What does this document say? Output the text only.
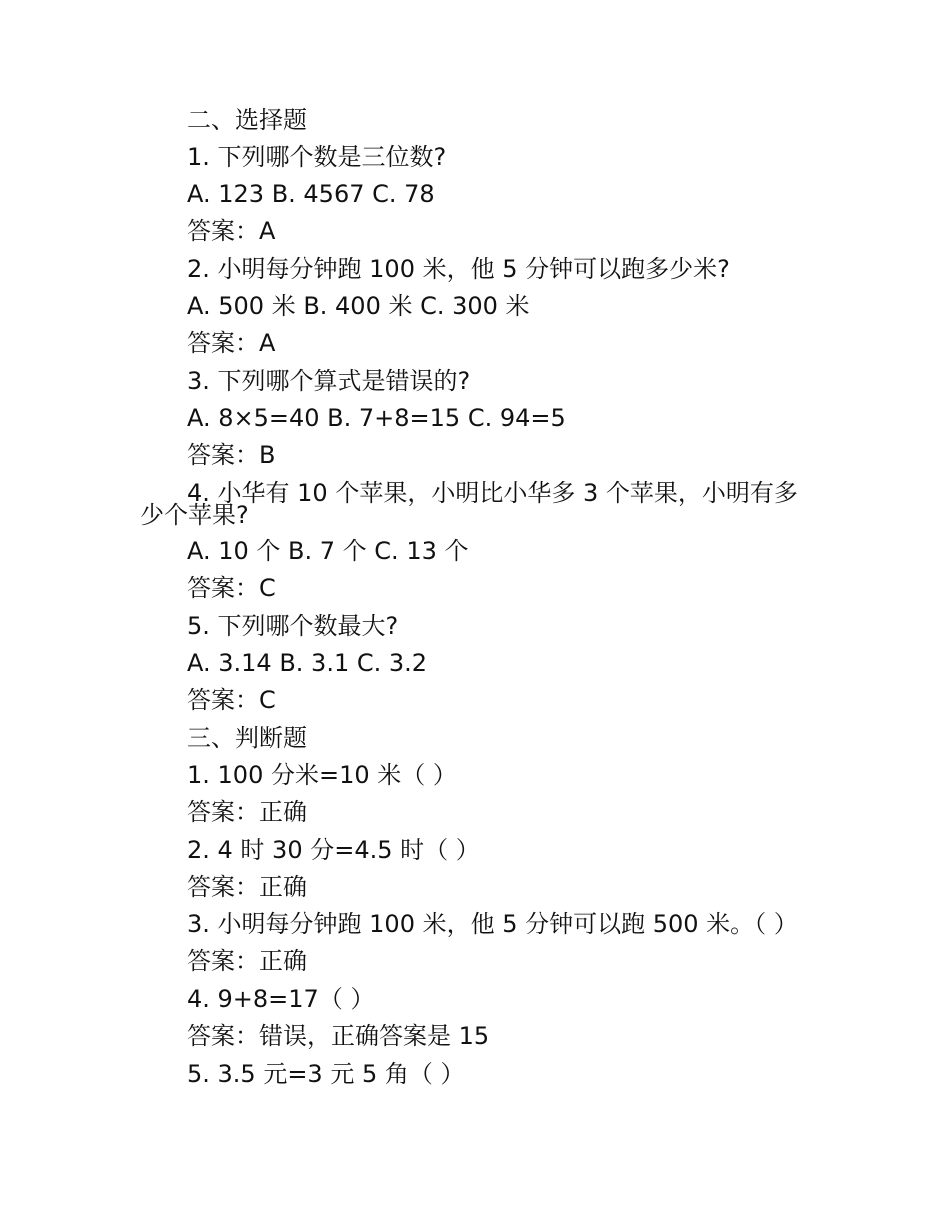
二、选择题
1. 下列哪个数是三位数?
A. 123 B. 4567 C. 78
答案：A
2. 小明每分钟跑 100 米，他 5 分钟可以跑多少米?
A. 500 米 B. 400 米 C. 300 米
答案：A
3. 下列哪个算式是错误的?
A. 8×5=40 B. 7+8=15 C. 94=5
答案：B
4. 小华有 10 个苹果，小明比小华多 3 个苹果，小明有多
少个苹果?
A. 10 个 B. 7 个 C. 13 个
答案：C
5. 下列哪个数最大?
A. 3.14 B. 3.1 C. 3.2
答案：C
三、判断题
1. 100 分米=10 米（ ）
答案：正确
2. 4 时 30 分=4.5 时（ ）
答案：正确
3. 小明每分钟跑 100 米，他 5 分钟可以跑 500 米。（ ）
答案：正确
4. 9+8=17（ ）
答案：错误，正确答案是 15
5. 3.5 元=3 元 5 角（ ）
